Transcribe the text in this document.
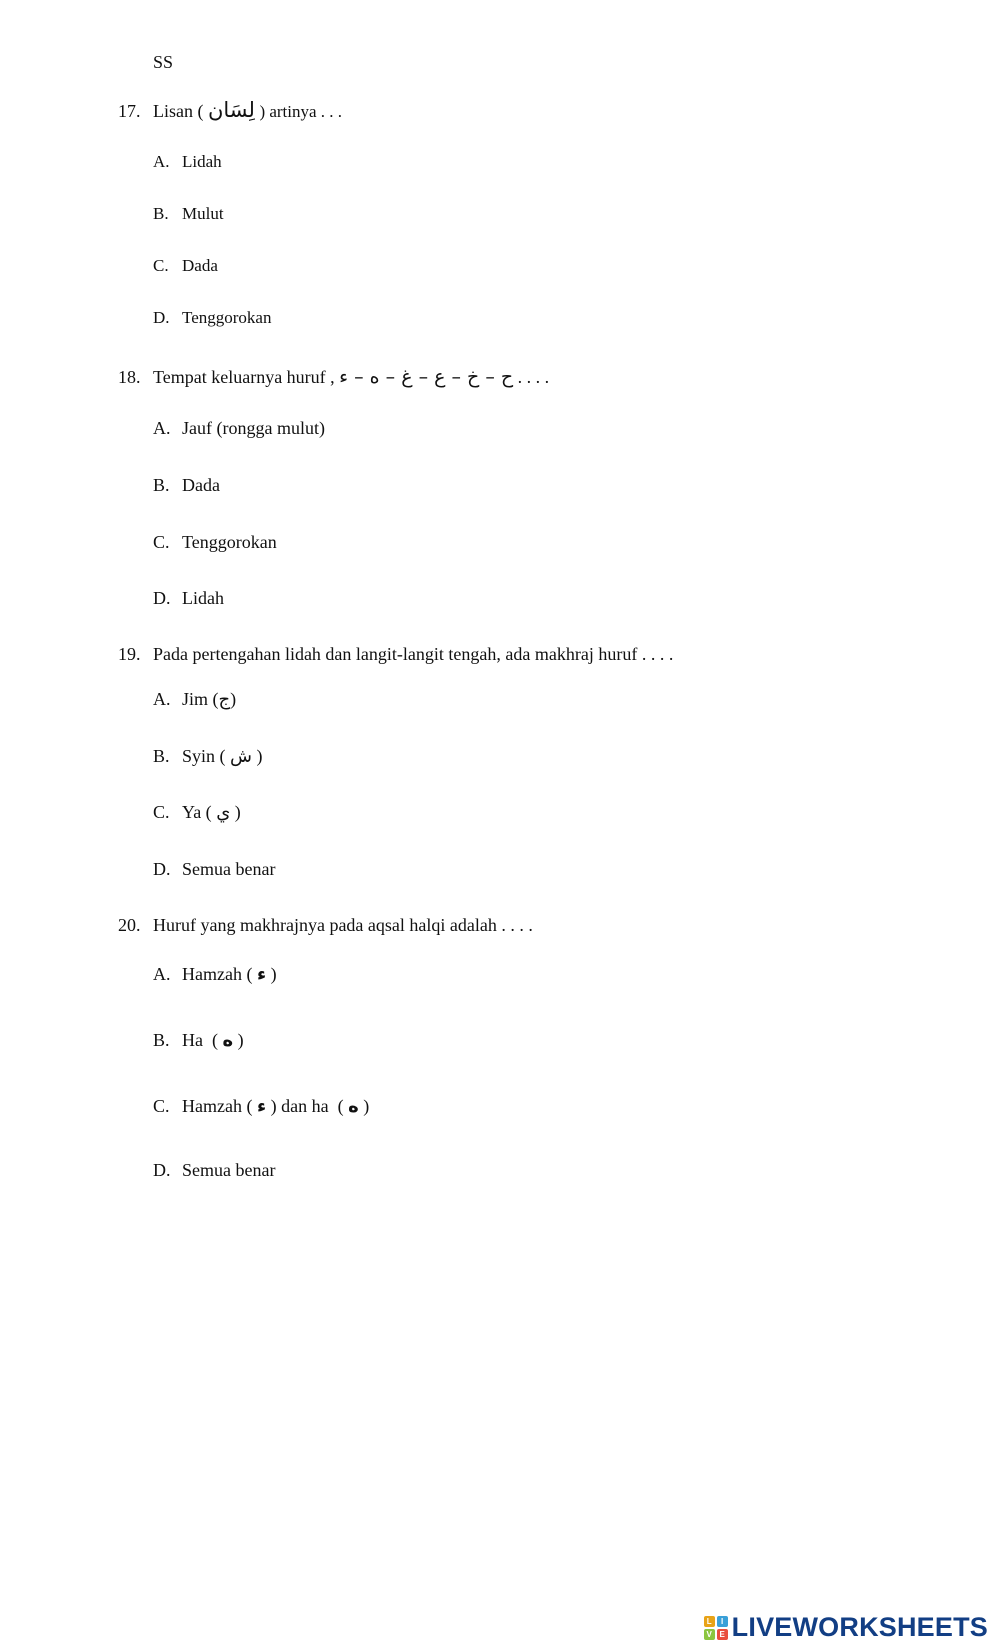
SS
17. Lisan ( لِسَان ) artinya . . .
A. Lidah
B. Mulut
C. Dada
D. Tenggorokan
18. Tempat keluarnya huruf , ح – خ – ع – غ – ه – ء . . . .
A. Jauf (rongga mulut)
B. Dada
C. Tenggorokan
D. Lidah
19. Pada pertengahan lidah dan langit-langit tengah, ada makhraj huruf . . . .
A. Jim (ج)
B. Syin ( ش )
C. Ya ( ي )
D. Semua benar
20. Huruf yang makhrajnya pada aqsal halqi adalah . . . .
A. Hamzah ( ء )
B. Ha  ( ه )
C. Hamzah ( ء ) dan ha  ( ه )
D. Semua benar
L	I
V E LIVEWORKSHEETS
